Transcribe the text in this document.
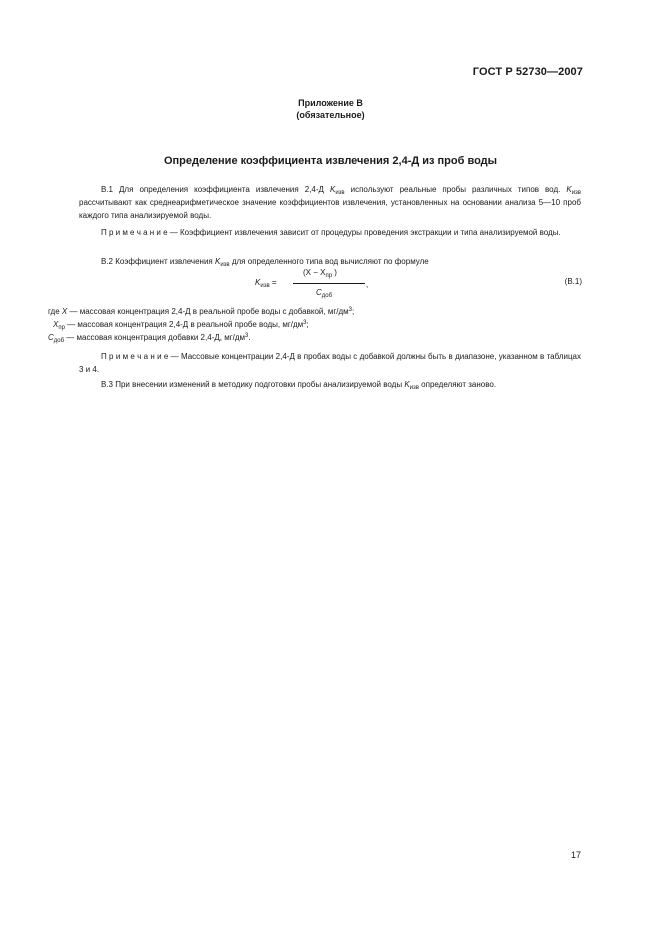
ГОСТ Р 52730—2007
Приложение В
(обязательное)
Определение коэффициента извлечения 2,4-Д из проб воды
В.1 Для определения коэффициента извлечения 2,4-Д $K_{изв}$ используют реальные пробы различных типов вод. $K_{изв}$ рассчитывают как среднеарифметическое значение коэффициентов извлечения, установленных на основании анализа 5—10 проб каждого типа анализируемой воды.
П р и м е ч а н и е — Коэффициент извлечения зависит от процедуры проведения экстракции и типа анализируемой воды.
В.2 Коэффициент извлечения $K_{изв}$ для определенного типа вод вычисляют по формуле
$K_{изв}$ =
($X - X_{пр}$ )
$C_{доб}$
,	(В.1)
где X — массовая концентрация 2,4-Д в реальной пробе воды с добавкой, $мг/дм^3$;
$X_{пр}$ — массовая концентрация 2,4-Д в реальной пробе воды, $мг/дм^3$;
$C_{доб}$ — массовая концентрация добавки 2,4-Д, $мг/дм^3$.
П р и м е ч а н и е — Массовые концентрации 2,4-Д в пробах воды с добавкой должны быть в диапазоне, указанном в таблицах 3 и 4.
В.3 При внесении изменений в методику подготовки пробы анализируемой воды $K_{изв}$ определяют заново.
17
